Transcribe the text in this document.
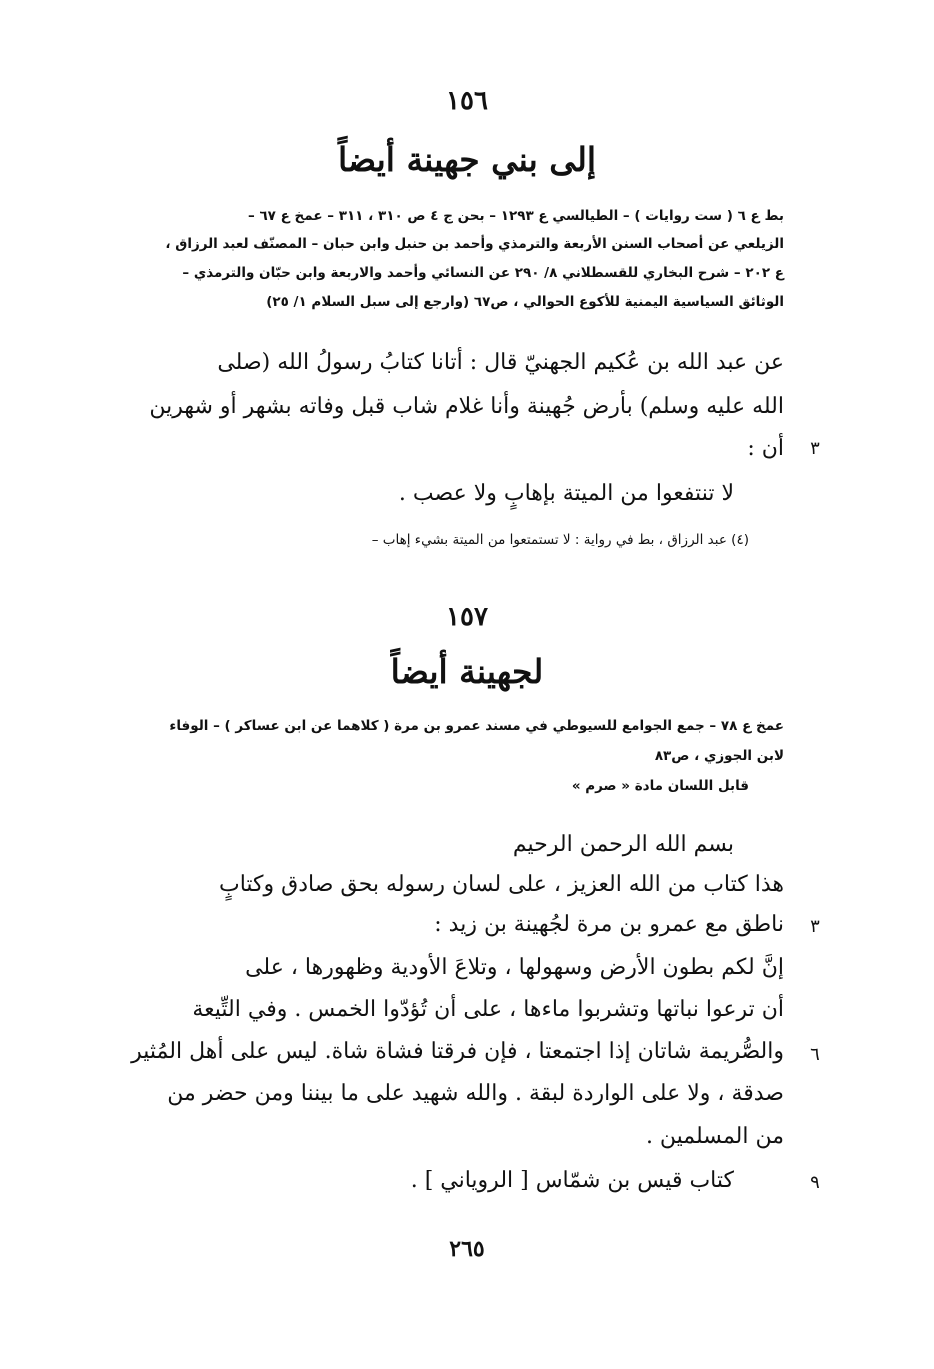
١٥٦
إلى بني جهينة أيضاً
بط ع ٦ ( ست روايات ) – الطيالسي ع ١٢٩٣ – بحن ج ٤ ص ٣١٠ ، ٣١١ – عمخ ع ٦٧ –
الزيلعي عن أصحاب السنن الأربعة والترمذي وأحمد بن حنبل وابن حبان – المصنّف لعبد الرزاق ،
ع ٢٠٢ – شرح البخاري للقسطلاني ٨/ ٢٩٠ عن النسائي وأحمد والاربعة وابن حبّان والترمذي –
الوثائق السياسية اليمنية للأكوع الحوالي ، ص٦٧ (وارجع إلى سبل السلام ١/ ٢٥)
عن عبد الله بن عُكيم الجهنيّ قال : أتانا كتابُ رسولُ الله (صلى
الله عليه وسلم) بأرض جُهينة وأنا غلام شاب قبل وفاته بشهر أو شهرين
أن : ٣
لا تنتفعوا من الميتة بإهابٍ ولا عصب .
(٤) عبد الرزاق ، بط في رواية : لا تستمتعوا من الميتة بشيء إهاب –
١٥٧
لجهينة أيضاً
عمخ ع ٧٨ – جمع الجوامع للسيوطي في مسند عمرو بن مرة ( كلاهما عن ابن عساكر ) – الوفاء
لابن الجوزي ، ص٨٣
قابل اللسان مادة « صرم »
بسم الله الرحمن الرحيم
هذا كتاب من الله العزيز ، على لسان رسوله بحق صادق وكتابٍ
ناطق مع عمرو بن مرة لجُهينة بن زيد : ٣
إنَّ لكم بطون الأرض وسهولها ، وتلاعَ الأودية وظهورها ، على
أن ترعوا نباتها وتشربوا ماءها ، على أن تُؤدّوا الخمس . وفي التِّيعة
والصُّريمة شاتان إذا اجتمعتا ، فإن فرقتا فشاة شاة. ليس على أهل المُثير ٦
صدقة ، ولا على الواردة لبقة . والله شهيد على ما بيننا ومن حضر من
من المسلمين .
كتاب قيس بن شمّاس [ الروياني ] .	٩
٢٦٥
